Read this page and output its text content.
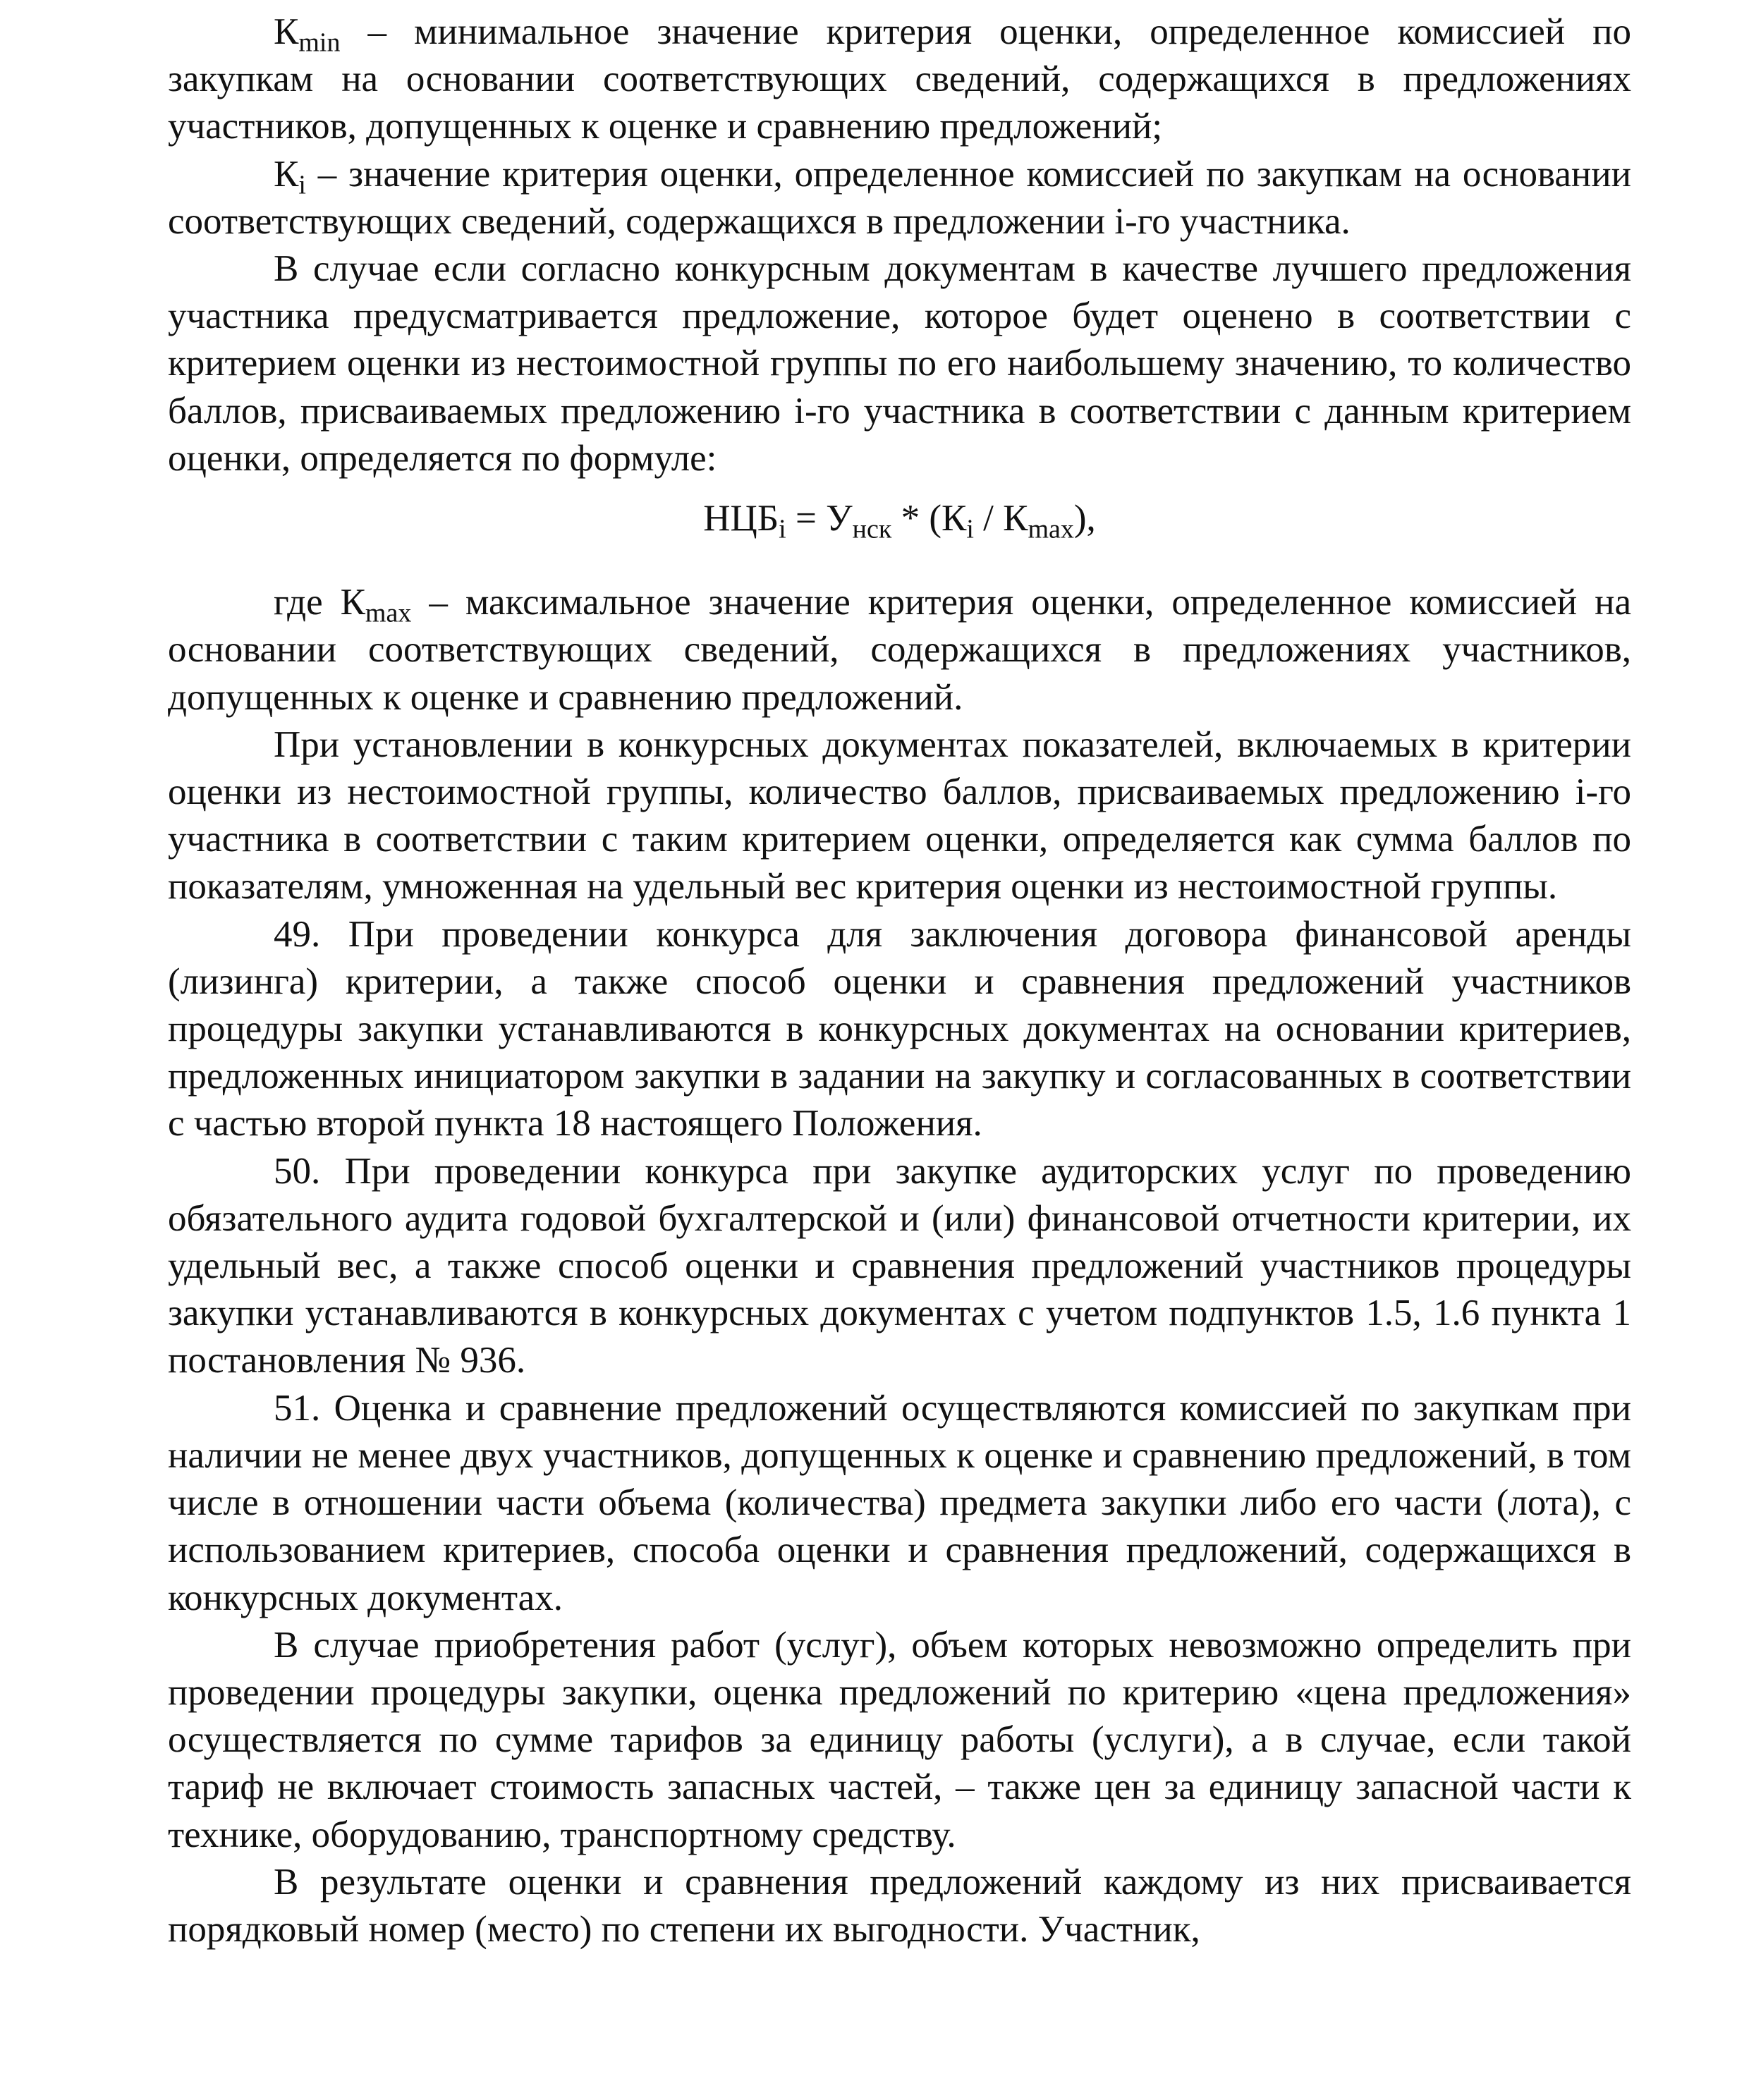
$К_{min}$ – минимальное значение критерия оценки, определенное комиссией по закупкам на основании соответствующих сведений, содержащихся в предложениях участников, допущенных к оценке и сравнению предложений;

$К_i$ – значение критерия оценки, определенное комиссией по закупкам на основании соответствующих сведений, содержащихся в предложении i-го участника.

В случае если согласно конкурсным документам в качестве лучшего предложения участника предусматривается предложение, которое будет оценено в соответствии с критерием оценки из нестоимостной группы по его наибольшему значению, то количество баллов, присваиваемых предложению i-го участника в соответствии с данным критерием оценки, определяется по формуле:

$НЦБ_i = У_{нск} * (К_i / К_{max})$,

где $К_{max}$ – максимальное значение критерия оценки, определенное комиссией на основании соответствующих сведений, содержащихся в предложениях участников, допущенных к оценке и сравнению предложений.

При установлении в конкурсных документах показателей, включаемых в критерии оценки из нестоимостной группы, количество баллов, присваиваемых предложению i-го участника в соответствии с таким критерием оценки, определяется как сумма баллов по показателям, умноженная на удельный вес критерия оценки из нестоимостной группы.

49. При проведении конкурса для заключения договора финансовой аренды (лизинга) критерии, а также способ оценки и сравнения предложений участников процедуры закупки устанавливаются в конкурсных документах на основании критериев, предложенных инициатором закупки в задании на закупку и согласованных в соответствии с частью второй пункта 18 настоящего Положения.

50. При проведении конкурса при закупке аудиторских услуг по проведению обязательного аудита годовой бухгалтерской и (или) финансовой отчетности критерии, их удельный вес, а также способ оценки и сравнения предложений участников процедуры закупки устанавливаются в конкурсных документах с учетом подпунктов 1.5, 1.6 пункта 1 постановления № 936.

51. Оценка и сравнение предложений осуществляются комиссией по закупкам при наличии не менее двух участников, допущенных к оценке и сравнению предложений, в том числе в отношении части объема (количества) предмета закупки либо его части (лота), с использованием критериев, способа оценки и сравнения предложений, содержащихся в конкурсных документах.

В случае приобретения работ (услуг), объем которых невозможно определить при проведении процедуры закупки, оценка предложений по критерию «цена предложения» осуществляется по сумме тарифов за единицу работы (услуги), а в случае, если такой тариф не включает стоимость запасных частей, – также цен за единицу запасной части к технике, оборудованию, транспортному средству.

В результате оценки и сравнения предложений каждому из них присваивается порядковый номер (место) по степени их выгодности. Участник,
